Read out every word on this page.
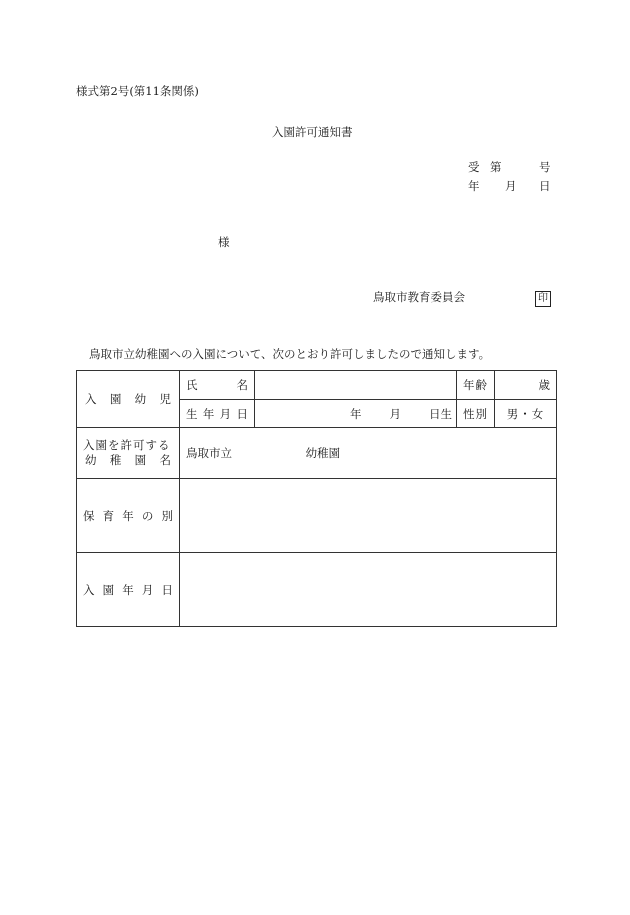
様式第2号(第11条関係)
入園許可通知書
受 第	号
年 月 日
様
鳥取市教育委員会	印
鳥取市立幼稚園への入園について、次のとおり許可しましたので通知します。
入 園 幼 児	氏 名		年齢	歳

	生 年 月 日	年 月 日生	性別	男・女

入園を許可する
幼 稚 園 名	鳥取市立 幼稚園			

保 育 年 の 別				

入 園 年 月 日				
